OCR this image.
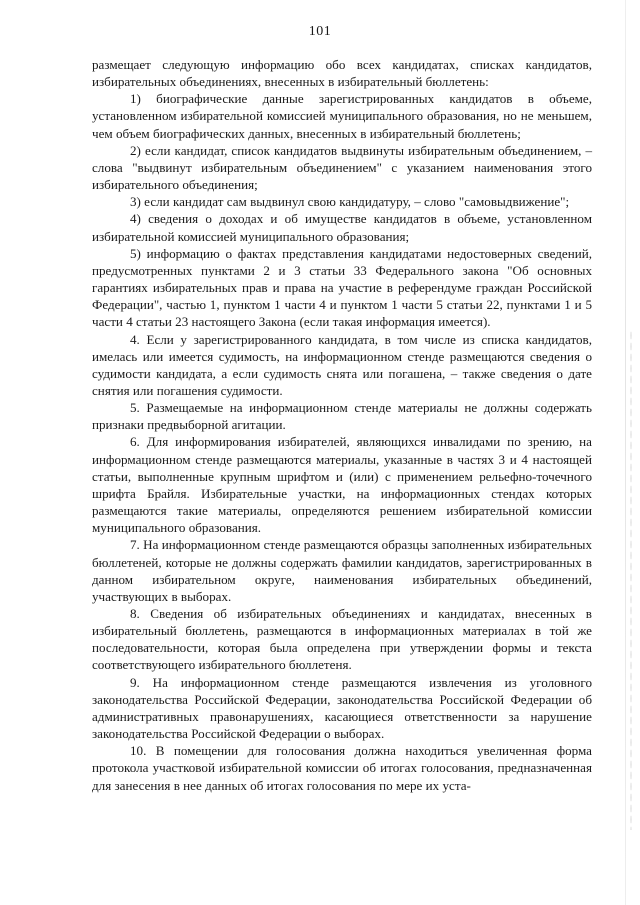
101

размещает следующую информацию обо всех кандидатах, списках кандидатов, избирательных объединениях, внесенных в избирательный бюллетень:

1) биографические данные зарегистрированных кандидатов в объеме, установленном избирательной комиссией муниципального образования, но не меньшем, чем объем биографических данных, внесенных в избирательный бюллетень;

2) если кандидат, список кандидатов выдвинуты избирательным объединением, – слова "выдвинут избирательным объединением" с указанием наименования этого избирательного объединения;

3) если кандидат сам выдвинул свою кандидатуру, – слово "самовыдвижение";

4) сведения о доходах и об имуществе кандидатов в объеме, установленном избирательной комиссией муниципального образования;

5) информацию о фактах представления кандидатами недостоверных сведений, предусмотренных пунктами 2 и 3 статьи 33 Федерального закона "Об основных гарантиях избирательных прав и права на участие в референдуме граждан Российской Федерации", частью 1, пунктом 1 части 4 и пунктом 1 части 5 статьи 22, пунктами 1 и 5 части 4 статьи 23 настоящего Закона (если такая информация имеется).

4. Если у зарегистрированного кандидата, в том числе из списка кандидатов, имелась или имеется судимость, на информационном стенде размещаются сведения о судимости кандидата, а если судимость снята или погашена, – также сведения о дате снятия или погашения судимости.

5. Размещаемые на информационном стенде материалы не должны содержать признаки предвыборной агитации.

6. Для информирования избирателей, являющихся инвалидами по зрению, на информационном стенде размещаются материалы, указанные в частях 3 и 4 настоящей статьи, выполненные крупным шрифтом и (или) с применением рельефно-точечного шрифта Брайля. Избирательные участки, на информационных стендах которых размещаются такие материалы, определяются решением избирательной комиссии муниципального образования.

7. На информационном стенде размещаются образцы заполненных избирательных бюллетеней, которые не должны содержать фамилии кандидатов, зарегистрированных в данном избирательном округе, наименования избирательных объединений, участвующих в выборах.

8. Сведения об избирательных объединениях и кандидатах, внесенных в избирательный бюллетень, размещаются в информационных материалах в той же последовательности, которая была определена при утверждении формы и текста соответствующего избирательного бюллетеня.

9. На информационном стенде размещаются извлечения из уголовного законодательства Российской Федерации, законодательства Российской Федерации об административных правонарушениях, касающиеся ответственности за нарушение законодательства Российской Федерации о выборах.

10. В помещении для голосования должна находиться увеличенная форма протокола участковой избирательной комиссии об итогах голосования, предназначенная для занесения в нее данных об итогах голосования по мере их уста-
